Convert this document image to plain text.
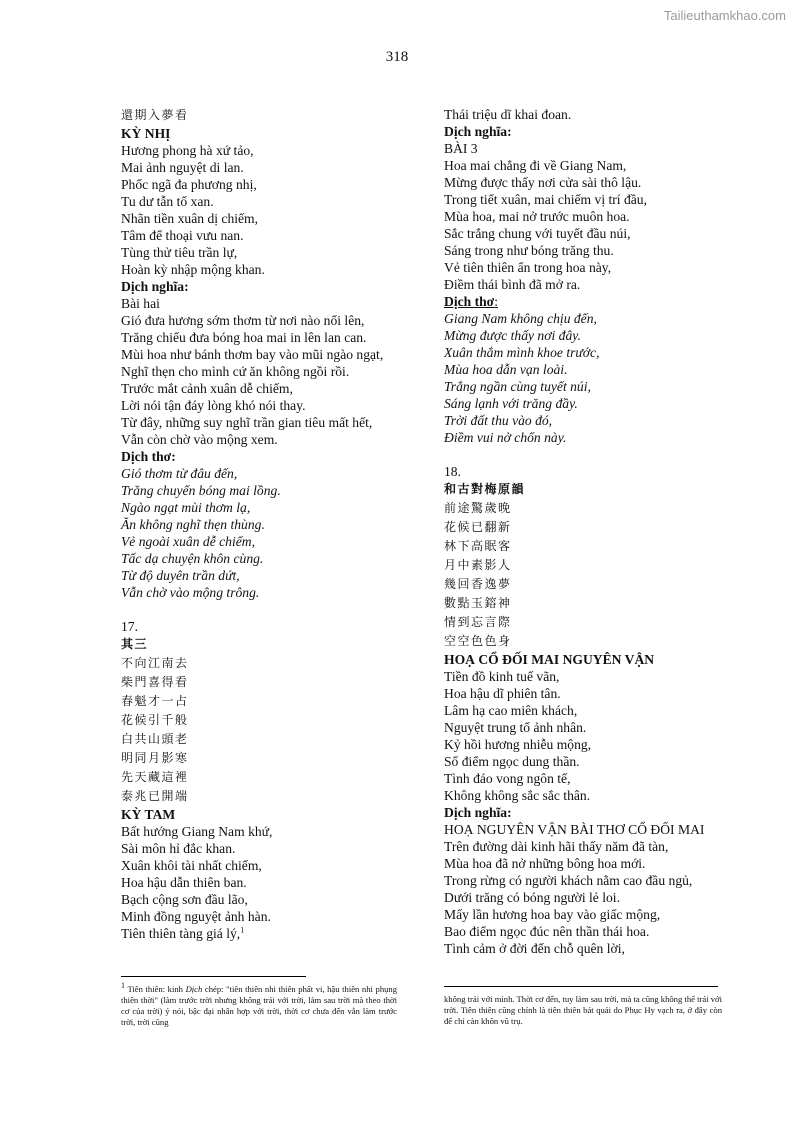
Tailieuthamkhao.com
318
還期入夢看
KỲ NHỊ
Hương phong hà xứ tảo,
Mai ảnh nguyệt di lan.
Phốc ngã đa phương nhị,
Tu dư tẫn tố xan.
Nhãn tiền xuân dị chiếm,
Tâm để thoại vưu nan.
Tùng thử tiêu trần lự,
Hoàn kỳ nhập mộng khan.
Dịch nghĩa:
Bài hai
Gió đưa hương sớm thơm từ nơi nào nổi lên,
Trăng chiếu đưa bóng hoa mai in lên lan can.
Mùi hoa như bánh thơm bay vào mũi ngào ngạt,
Nghĩ thẹn cho mình cứ ăn không ngồi rồi.
Trước mắt cảnh xuân dễ chiếm,
Lời nói tận đáy lòng khó nói thay.
Từ đây, những suy nghĩ trần gian tiêu mất hết,
Vẫn còn chờ vào mộng xem.
Dịch thơ:
Gió thơm từ đâu đến,
Trăng chuyển bóng mai lồng.
Ngào ngạt mùi thơm lạ,
Ăn không nghĩ thẹn thùng.
Vẻ ngoài xuân dễ chiếm,
Tấc dạ chuyện khôn cùng.
Từ độ duyên trần dứt,
Vẫn chờ vào mộng trông.
17.
其三
不向江南去
柴門喜得看
春魁才一占
花候引千般
白共山頭老
明同月影寒
先天藏這裡
泰兆已開端
KỲ TAM
Bất hướng Giang Nam khứ,
Sài môn hỉ đắc khan.
Xuân khôi tài nhất chiếm,
Hoa hậu dẫn thiên ban.
Bạch cộng sơn đầu lão,
Minh đồng nguyệt ảnh hàn.
Tiên thiên tàng giá lý,$^1$
Thái triệu dĩ khai đoan.
Dịch nghĩa:
BÀI 3
Hoa mai chẳng đi về Giang Nam,
Mừng được thấy nơi cửa sài thô lậu.
Trong tiết xuân, mai chiếm vị trí đầu,
Mùa hoa, mai nở trước muôn hoa.
Sắc trắng chung với tuyết đầu núi,
Sáng trong như bóng trăng thu.
Vẻ tiên thiên ẩn trong hoa này,
Điềm thái bình đã mở ra.
Dịch thơ:
Giang Nam không chịu đến,
Mừng được thấy nơi đây.
Xuân thắm mình khoe trước,
Mùa hoa dẫn vạn loài.
Trắng ngần cùng tuyết núi,
Sáng lạnh với trăng đầy.
Trời đất thu vào đó,
Điềm vui nở chốn này.
18.
和古對梅原韻
前途驚歲晚
花候已翻新
林下高眠客
月中素影人
幾回香逸夢
數點玉鎔神
情到忘言際
空空色色身
HOẠ CỔ ĐỐI MAI NGUYÊN VẬN
Tiền đồ kinh tuế vãn,
Hoa hậu dĩ phiên tân.
Lâm hạ cao miên khách,
Nguyệt trung tố ảnh nhân.
Kỷ hồi hương nhiễu mộng,
Số điểm ngọc dung thần.
Tình đáo vong ngôn tế,
Không không sắc sắc thân.
Dịch nghĩa:
HOẠ NGUYÊN VẬN BÀI THƠ CỔ ĐỐI MAI
Trên đường dài kinh hãi thấy năm đã tàn,
Mùa hoa đã nở những bông hoa mới.
Trong rừng có người khách nằm cao đầu ngủ,
Dưới trăng có bóng người lẻ loi.
Mấy lần hương hoa bay vào giấc mộng,
Bao điểm ngọc đúc nên thần thái hoa.
Tình cảm ở đời đến chỗ quên lời,
$^1$ Tiên thiên: kinh Dịch chép: "tiên thiên nhi thiên phất vi, hậu thiên nhi phụng thiên thời" (làm trước trời nhưng không trái với trời, làm sau trời mà theo thời cơ của trời) ý nói, bậc đại nhân hợp với trời, thời cơ chưa đến vẫn làm trước trời, trời cũng
không trái với mình. Thời cơ đến, tuy làm sau trời, mà ta cũng không thể trái với trời. Tiên thiên cũng chính là tiên thiên bát quái do Phục Hy vạch ra, ở đây còn để chỉ càn khôn vũ trụ.
